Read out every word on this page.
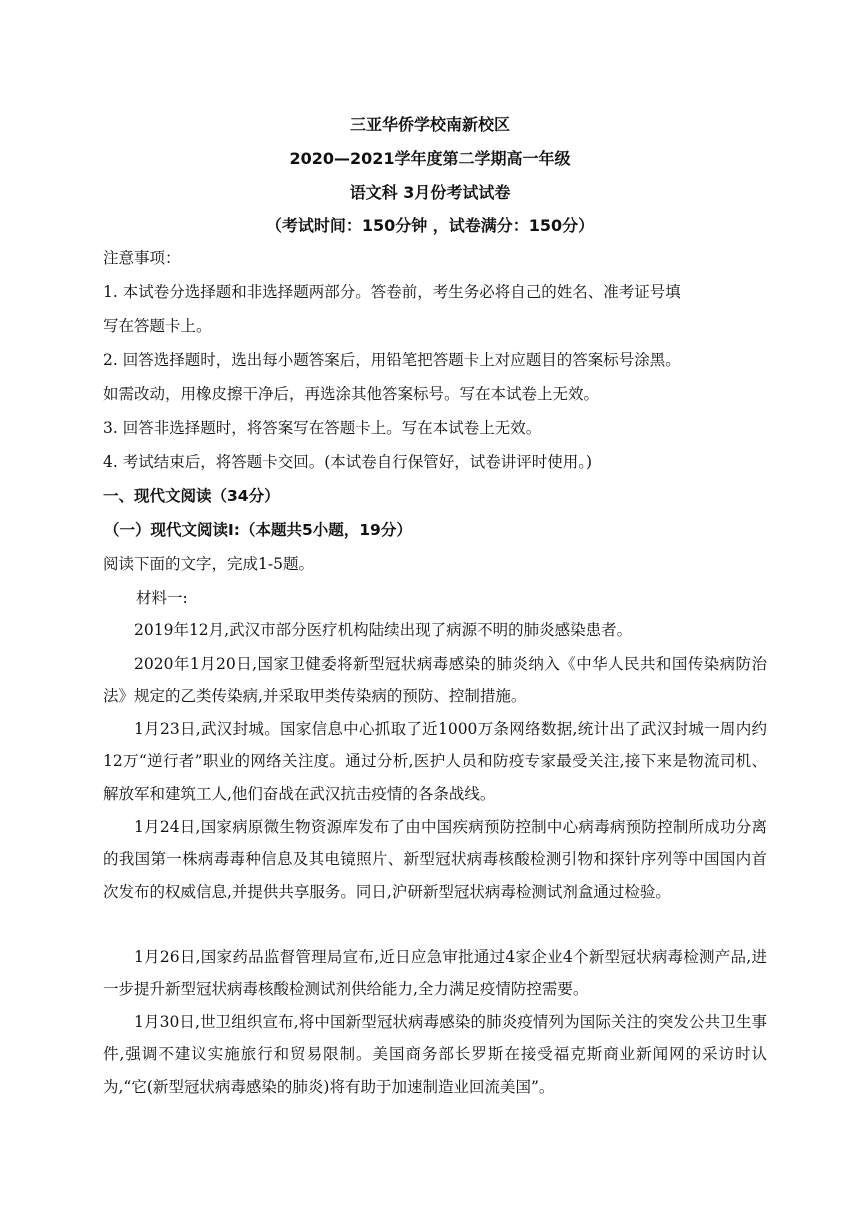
三亚华侨学校南新校区
2020—2021学年度第二学期高一年级
语文科 3月份考试试卷
（考试时间：150分钟 ，试卷满分：150分）
注意事项：
1. 本试卷分选择题和非选择题两部分。答卷前，考生务必将自己的姓名、准考证号填
写在答题卡上。
2. 回答选择题时，选出每小题答案后，用铅笔把答题卡上对应题目的答案标号涂黑。
如需改动，用橡皮擦干净后，再选涂其他答案标号。写在本试卷上无效。
3. 回答非选择题时，将答案写在答题卡上。写在本试卷上无效。
4. 考试结束后，将答题卡交回。(本试卷自行保管好，试卷讲评时使用。)
一、现代文阅读（34分）
（一）现代文阅读I:（本题共5小题，19分）
阅读下面的文字，完成1-5题。
材料一:
2019年12月,武汉市部分医疗机构陆续出现了病源不明的肺炎感染患者。
2020年1月20日,国家卫健委将新型冠状病毒感染的肺炎纳入《中华人民共和国传染病防治法》规定的乙类传染病,并采取甲类传染病的预防、控制措施。
1月23日,武汉封城。国家信息中心抓取了近1000万条网络数据,统计出了武汉封城一周内约12万“逆行者”职业的网络关注度。通过分析,医护人员和防疫专家最受关注,接下来是物流司机、解放军和建筑工人,他们奋战在武汉抗击疫情的各条战线。
1月24日,国家病原微生物资源库发布了由中国疾病预防控制中心病毒病预防控制所成功分离的我国第一株病毒毒种信息及其电镜照片、新型冠状病毒核酸检测引物和探针序列等中国国内首次发布的权威信息,并提供共享服务。同日,沪研新型冠状病毒检测试剂盒通过检验。
1月26日,国家药品监督管理局宣布,近日应急审批通过4家企业4个新型冠状病毒检测产品,进一步提升新型冠状病毒核酸检测试剂供给能力,全力满足疫情防控需要。
1月30日,世卫组织宣布,将中国新型冠状病毒感染的肺炎疫情列为国际关注的突发公共卫生事件,强调不建议实施旅行和贸易限制。美国商务部长罗斯在接受福克斯商业新闻网的采访时认为,“它(新型冠状病毒感染的肺炎)将有助于加速制造业回流美国”。
